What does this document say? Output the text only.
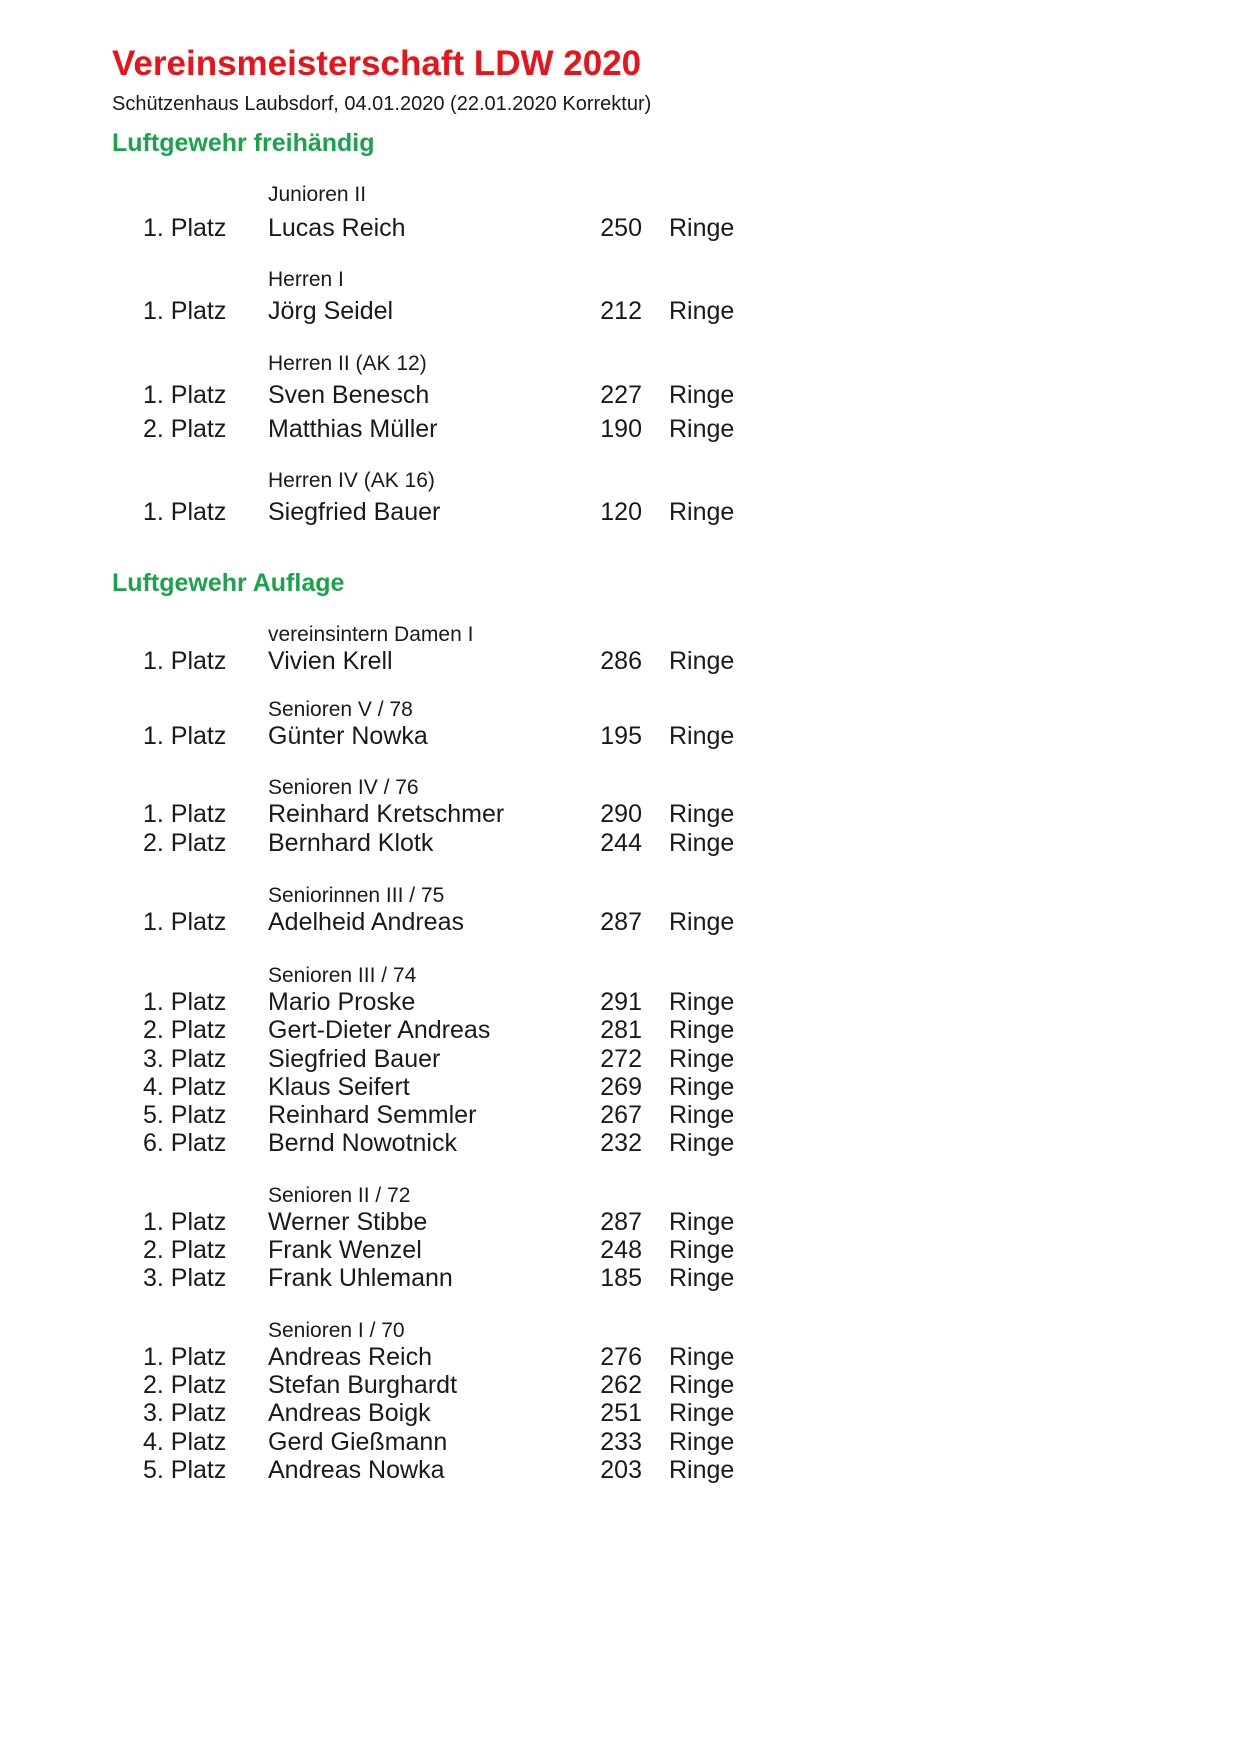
Vereinsmeisterschaft LDW 2020
Schützenhaus Laubsdorf, 04.01.2020 (22.01.2020 Korrektur)
Luftgewehr freihändig
Junioren II
1. Platz Lucas Reich	250 Ringe
Herren I
1. Platz Jörg Seidel	212 Ringe
Herren II (AK 12)
1. Platz Sven Benesch	227 Ringe
2. Platz Matthias Müller	190 Ringe
Herren IV (AK 16)
1. Platz Siegfried Bauer	120 Ringe
Luftgewehr Auflage
vereinsintern Damen I
1. Platz Vivien Krell	286 Ringe
Senioren V / 78
1. Platz Günter Nowka	195 Ringe
Senioren IV / 76
1. Platz Reinhard Kretschmer	290 Ringe
2. Platz Bernhard Klotk	244 Ringe
Seniorinnen III / 75
1. Platz Adelheid Andreas	287 Ringe
Senioren III / 74
1. Platz Mario Proske	291 Ringe
2. Platz Gert-Dieter Andreas	281 Ringe
3. Platz Siegfried Bauer	272 Ringe
4. Platz Klaus Seifert	269 Ringe
5. Platz Reinhard Semmler	267 Ringe
6. Platz Bernd Nowotnick	232 Ringe
Senioren II / 72
1. Platz Werner Stibbe	287 Ringe
2. Platz Frank Wenzel	248 Ringe
3. Platz Frank Uhlemann	185 Ringe
Senioren I / 70
1. Platz Andreas Reich	276 Ringe
2. Platz Stefan Burghardt	262 Ringe
3. Platz Andreas Boigk	251 Ringe
4. Platz Gerd Gießmann	233 Ringe
5. Platz Andreas Nowka	203 Ringe
